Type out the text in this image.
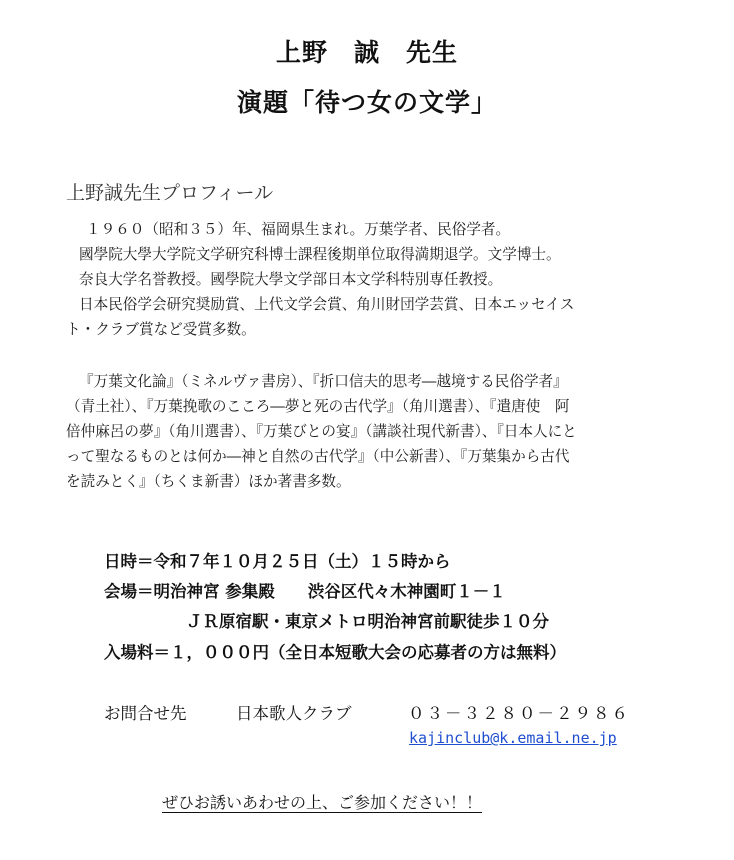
上野　誠　先生
演題「待つ女の文学」
上野誠先生プロフィール
１９６０（昭和３５）年、福岡県生まれ。万葉学者、民俗学者。
國學院大學大学院文学研究科博士課程後期単位取得満期退学。文学博士。
奈良大学名誉教授。國學院大學文学部日本文学科特別専任教授。
日本民俗学会研究奨励賞、上代文学会賞、角川財団学芸賞、日本エッセイス
ト・クラブ賞など受賞多数。
『万葉文化論』（ミネルヴァ書房）、『折口信夫的思考―越境する民俗学者』
（青土社）、『万葉挽歌のこころ―夢と死の古代学』（角川選書）、『遣唐使　阿
倍仲麻呂の夢』（角川選書）、『万葉びとの宴』（講談社現代新書）、『日本人にと
って聖なるものとは何か―神と自然の古代学』（中公新書）、『万葉集から古代
を読みとく』（ちくま新書）ほか著書多数。
日時＝令和７年１０月２５日（土）１５時から
会場＝明治神宮 参集殿　　渋谷区代々木神園町１－１
ＪＲ原宿駅・東京メトロ明治神宮前駅徒歩１０分
入場料＝１，０００円（全日本短歌大会の応募者の方は無料）
お問合せ先	日本歌人クラブ	０３－３２８０－２９８６
kajinclub@k.email.ne.jp
ぜひお誘いあわせの上、ご参加ください！！
